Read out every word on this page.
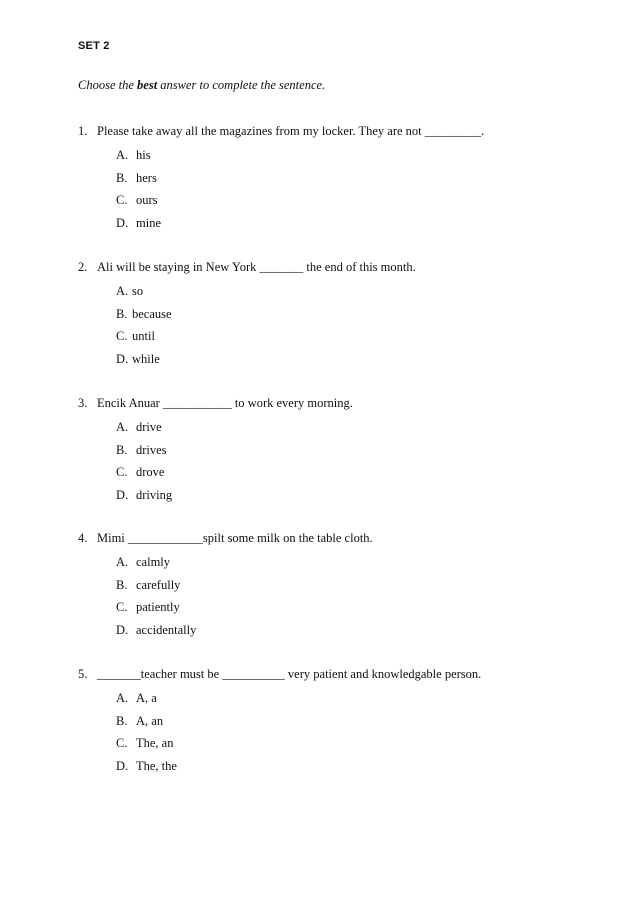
SET 2
Choose the best answer to complete the sentence.
1. Please take away all the magazines from my locker. They are not _________.
A. his
B. hers
C. ours
D. mine
2. Ali will be staying in New York _______ the end of this month.
A. so
B. because
C. until
D. while
3. Encik Anuar ___________ to work every morning.
A. drive
B. drives
C. drove
D. driving
4. Mimi ____________spilt some milk on the table cloth.
A. calmly
B. carefully
C. patiently
D. accidentally
5. _______teacher must be __________ very patient and knowledgable person.
A. A, a
B. A, an
C. The, an
D. The, the
